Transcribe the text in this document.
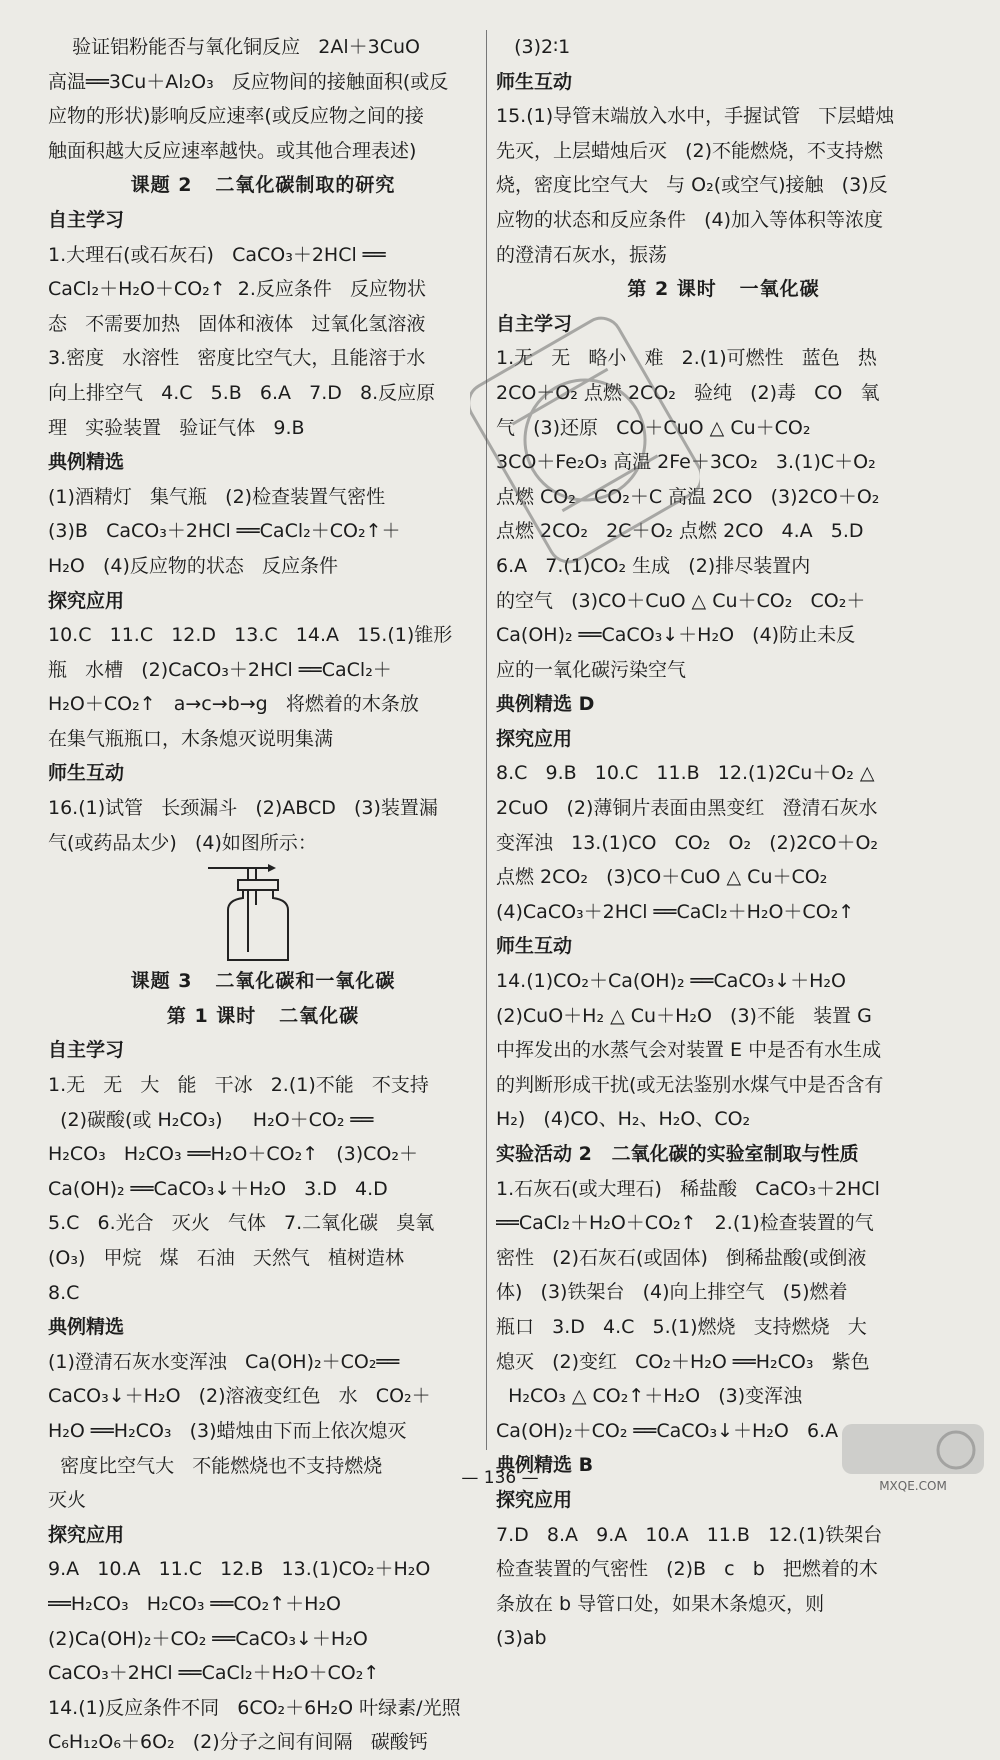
验证铝粉能否与氧化铜反应   2Al＋3CuO
高温══3Cu＋Al₂O₃   反应物间的接触面积(或反
应物的形状)影响反应速率(或反应物之间的接
触面积越大反应速率越快。或其他合理表述)
课题 2   二氧化碳制取的研究
自主学习
1.大理石(或石灰石)   CaCO₃＋2HCl ══
CaCl₂＋H₂O＋CO₂↑  2.反应条件   反应物状
态   不需要加热   固体和液体   过氧化氢溶液
3.密度   水溶性   密度比空气大，且能溶于水
向上排空气   4.C   5.B   6.A   7.D   8.反应原
理   实验装置   验证气体   9.B
典例精选
(1)酒精灯   集气瓶   (2)检查装置气密性
(3)B   CaCO₃＋2HCl ══CaCl₂＋CO₂↑＋
H₂O   (4)反应物的状态   反应条件
探究应用
10.C   11.C   12.D   13.C   14.A   15.(1)锥形
瓶   水槽   (2)CaCO₃＋2HCl ══CaCl₂＋
H₂O＋CO₂↑   a→c→b→g   将燃着的木条放
在集气瓶瓶口，木条熄灭说明集满
师生互动
16.(1)试管   长颈漏斗   (2)ABCD   (3)装置漏
气(或药品太少)   (4)如图所示：
课题 3   二氧化碳和一氧化碳
第 1 课时   二氧化碳
自主学习
1.无   无   大   能   干冰   2.(1)不能   不支持
(2)碳酸(或 H₂CO₃)     H₂O＋CO₂ ══
H₂CO₃   H₂CO₃ ══H₂O＋CO₂↑   (3)CO₂＋
Ca(OH)₂ ══CaCO₃↓＋H₂O   3.D   4.D
5.C   6.光合   灭火   气体   7.二氧化碳   臭氧
(O₃)   甲烷   煤   石油   天然气   植树造林
8.C
典例精选
(1)澄清石灰水变浑浊   Ca(OH)₂＋CO₂══
CaCO₃↓＋H₂O   (2)溶液变红色   水   CO₂＋
H₂O ══H₂CO₃   (3)蜡烛由下而上依次熄灭
密度比空气大   不能燃烧也不支持燃烧
灭火
探究应用
9.A   10.A   11.C   12.B   13.(1)CO₂＋H₂O
══H₂CO₃   H₂CO₃ ══CO₂↑＋H₂O
(2)Ca(OH)₂＋CO₂ ══CaCO₃↓＋H₂O
CaCO₃＋2HCl ══CaCl₂＋H₂O＋CO₂↑
14.(1)反应条件不同   6CO₂＋6H₂O 叶绿素/光照
C₆H₁₂O₆＋6O₂   (2)分子之间有间隔   碳酸钙
(3)2∶1
师生互动
15.(1)导管末端放入水中，手握试管   下层蜡烛
先灭，上层蜡烛后灭   (2)不能燃烧，不支持燃
烧，密度比空气大   与 O₂(或空气)接触   (3)反
应物的状态和反应条件   (4)加入等体积等浓度
的澄清石灰水，振荡
第 2 课时   一氧化碳
自主学习
1.无   无   略小   难   2.(1)可燃性   蓝色   热
2CO＋O₂ 点燃 2CO₂   验纯   (2)毒   CO   氧
气   (3)还原   CO＋CuO △ Cu＋CO₂
3CO＋Fe₂O₃ 高温 2Fe＋3CO₂   3.(1)C＋O₂
点燃 CO₂   CO₂＋C 高温 2CO   (3)2CO＋O₂
点燃 2CO₂   2C＋O₂ 点燃 2CO   4.A   5.D
6.A   7.(1)CO₂ 生成   (2)排尽装置内
的空气   (3)CO＋CuO △ Cu＋CO₂   CO₂＋
Ca(OH)₂ ══CaCO₃↓＋H₂O   (4)防止未反
应的一氧化碳污染空气
典例精选 D
探究应用
8.C   9.B   10.C   11.B   12.(1)2Cu＋O₂ △
2CuO   (2)薄铜片表面由黑变红   澄清石灰水
变浑浊   13.(1)CO   CO₂   O₂   (2)2CO＋O₂
点燃 2CO₂   (3)CO＋CuO △ Cu＋CO₂
(4)CaCO₃＋2HCl ══CaCl₂＋H₂O＋CO₂↑
师生互动
14.(1)CO₂＋Ca(OH)₂ ══CaCO₃↓＋H₂O
(2)CuO＋H₂ △ Cu＋H₂O   (3)不能   装置 G
中挥发出的水蒸气会对装置 E 中是否有水生成
的判断形成干扰(或无法鉴别水煤气中是否含有
H₂)   (4)CO、H₂、H₂O、CO₂
实验活动 2   二氧化碳的实验室制取与性质
1.石灰石(或大理石)   稀盐酸   CaCO₃＋2HCl
══CaCl₂＋H₂O＋CO₂↑   2.(1)检查装置的气
密性   (2)石灰石(或固体)   倒稀盐酸(或倒液
体)   (3)铁架台   (4)向上排空气   (5)燃着
瓶口   3.D   4.C   5.(1)燃烧   支持燃烧   大
熄灭   (2)变红   CO₂＋H₂O ══H₂CO₃   紫色
H₂CO₃ △ CO₂↑＋H₂O   (3)变浑浊
Ca(OH)₂＋CO₂ ══CaCO₃↓＋H₂O   6.A
典例精选 B
探究应用
7.D   8.A   9.A   10.A   11.B   12.(1)铁架台
检查装置的气密性   (2)B   c   b   把燃着的木
条放在 b 导管口处，如果木条熄灭，则
(3)ab
MXQE.COM
— 136 —
